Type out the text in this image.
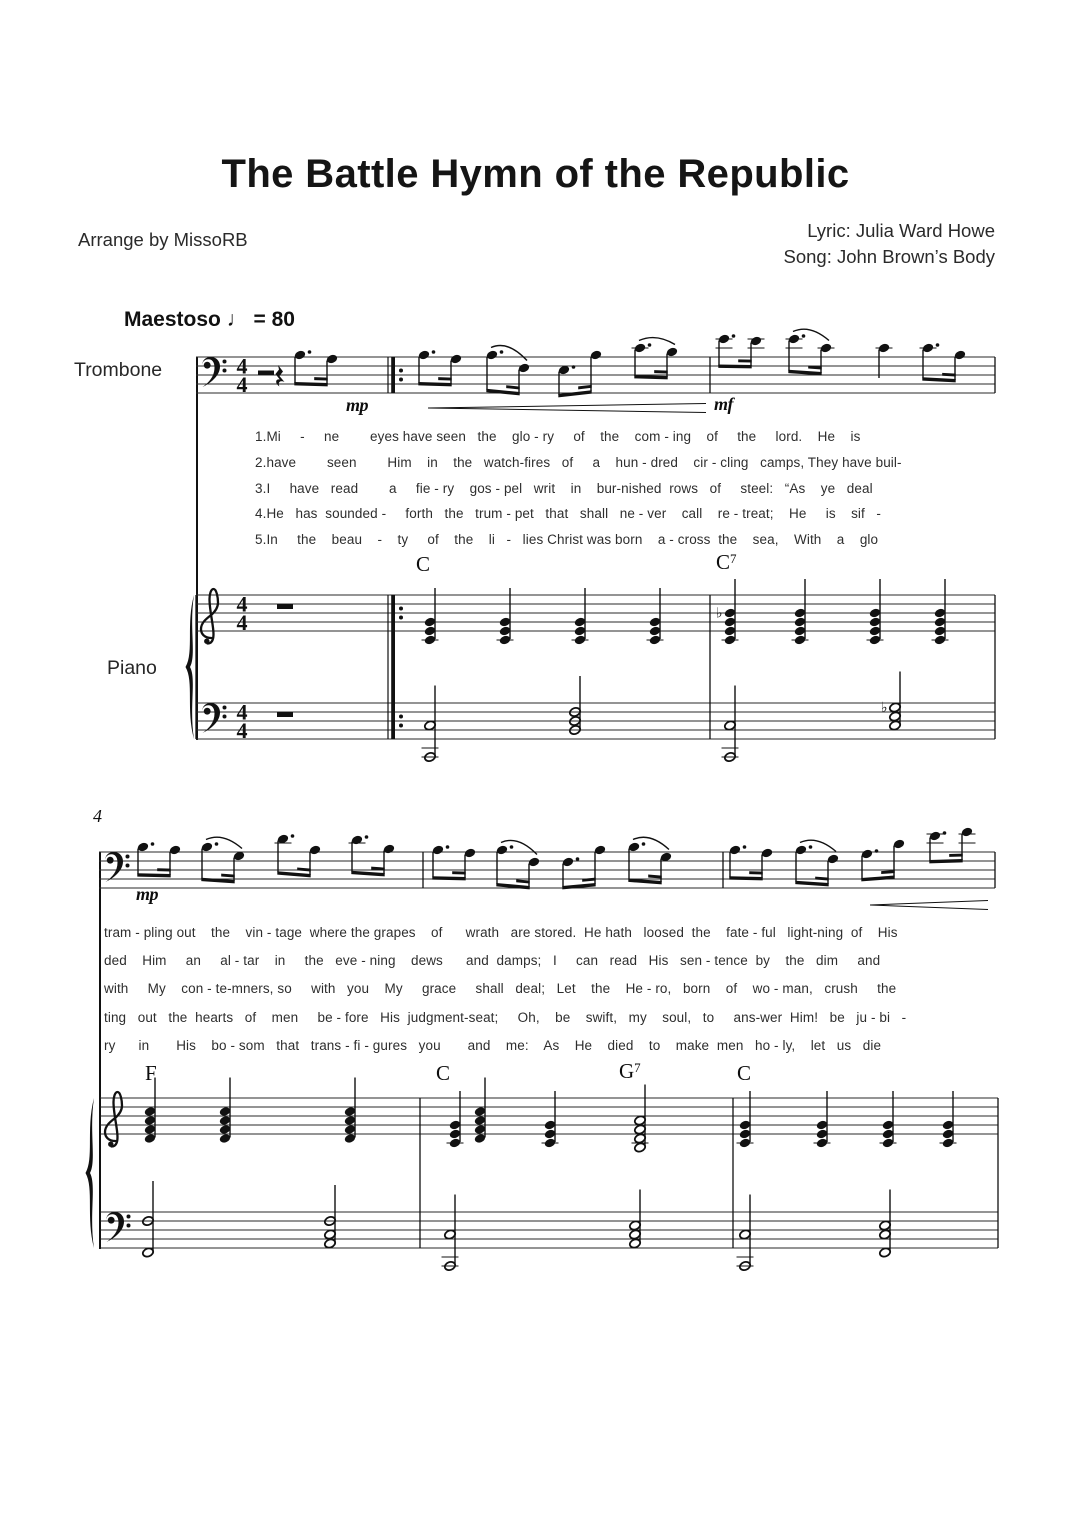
The Battle Hymn of the Republic
Arrange by MissoRB	Lyric: Julia Ward Howe
Song: John Brown’s Body
Maestoso ♩ = 80
Trombone
Piano
4
1.Mi     -     ne        eyes have seen   the    glo - ry     of    the    com - ing    of     the     lord.    He    is
2.have        seen        Him    in    the   watch-fires   of     a    hun - dred    cir - cling   camps, They have buil-
3.I     have   read        a     fie - ry    gos - pel   writ    in    bur-nished  rows   of     steel:   “As    ye   deal
4.He   has  sounded -     forth   the   trum - pet   that   shall   ne - ver    call    re - treat;    He     is    sif   -
5.In     the    beau    -    ty     of    the    li   -   lies Christ was born    a - cross  the    sea,    With    a    glo
tram - pling out    the    vin - tage  where the grapes    of      wrath   are stored.  He hath   loosed  the    fate - ful   light-ning  of    His
ded    Him     an     al - tar    in     the   eve - ning    dews      and  damps;   I     can   read   His   sen - tence  by    the   dim     and
with     My    con - te-mners, so     with   you    My     grace     shall   deal;   Let    the    He - ro,   born    of    wo - man,   crush     the
ting   out   the  hearts   of    men     be - fore   His  judgment-seat;     Oh,    be    swift,   my    soul,   to     ans-wer  Him!   be   ju - bi   -
ry      in       His    bo - som   that   trans - fi - gures   you       and    me:    As    He    died    to    make  men   ho - ly,    let   us   die
C	$C^7$
F	C	$G^7$	C
mp	mf
mp
4
4
4
4
4
4
♭
♭
